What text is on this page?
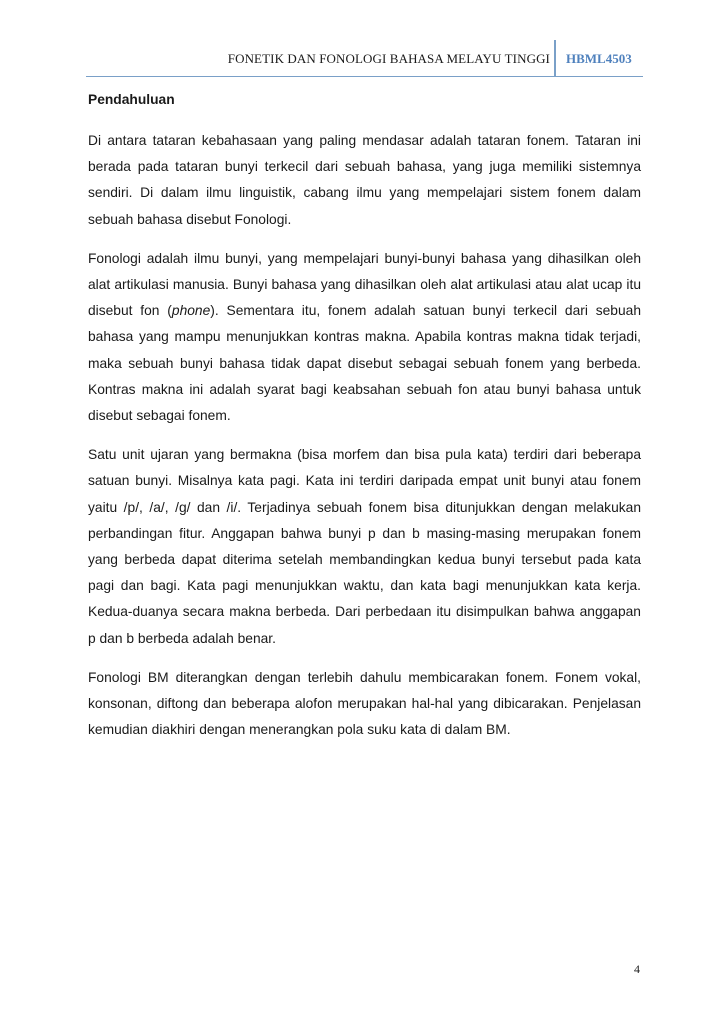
FONETIK DAN FONOLOGI BAHASA MELAYU TINGGI HBML4503
Pendahuluan

Di antara tataran kebahasaan yang paling mendasar adalah tataran fonem. Tataran ini berada pada tataran bunyi terkecil dari sebuah bahasa, yang juga memiliki sistemnya sendiri. Di dalam ilmu linguistik, cabang ilmu yang mempelajari sistem fonem dalam sebuah bahasa disebut Fonologi.

Fonologi adalah ilmu bunyi, yang mempelajari bunyi-bunyi bahasa yang dihasilkan oleh alat artikulasi manusia. Bunyi bahasa yang dihasilkan oleh alat artikulasi atau alat ucap itu disebut fon (phone). Sementara itu, fonem adalah satuan bunyi terkecil dari sebuah bahasa yang mampu menunjukkan kontras makna. Apabila kontras makna tidak terjadi, maka sebuah bunyi bahasa tidak dapat disebut sebagai sebuah fonem yang berbeda. Kontras makna ini adalah syarat bagi keabsahan sebuah fon atau bunyi bahasa untuk disebut sebagai fonem.

Satu unit ujaran yang bermakna (bisa morfem dan bisa pula kata) terdiri dari beberapa satuan bunyi. Misalnya kata pagi. Kata ini terdiri daripada empat unit bunyi atau fonem yaitu /p/, /a/, /g/ dan /i/. Terjadinya sebuah fonem bisa ditunjukkan dengan melakukan perbandingan fitur. Anggapan bahwa bunyi p dan b masing-masing merupakan fonem yang berbeda dapat diterima setelah membandingkan kedua bunyi tersebut pada kata pagi dan bagi. Kata pagi menunjukkan waktu, dan kata bagi menunjukkan kata kerja. Kedua-duanya secara makna berbeda. Dari perbedaan itu disimpulkan bahwa anggapan p dan b berbeda adalah benar.

Fonologi BM diterangkan dengan terlebih dahulu membicarakan fonem. Fonem vokal, konsonan, diftong dan beberapa alofon merupakan hal-hal yang dibicarakan. Penjelasan kemudian diakhiri dengan menerangkan pola suku kata di dalam BM.

4
